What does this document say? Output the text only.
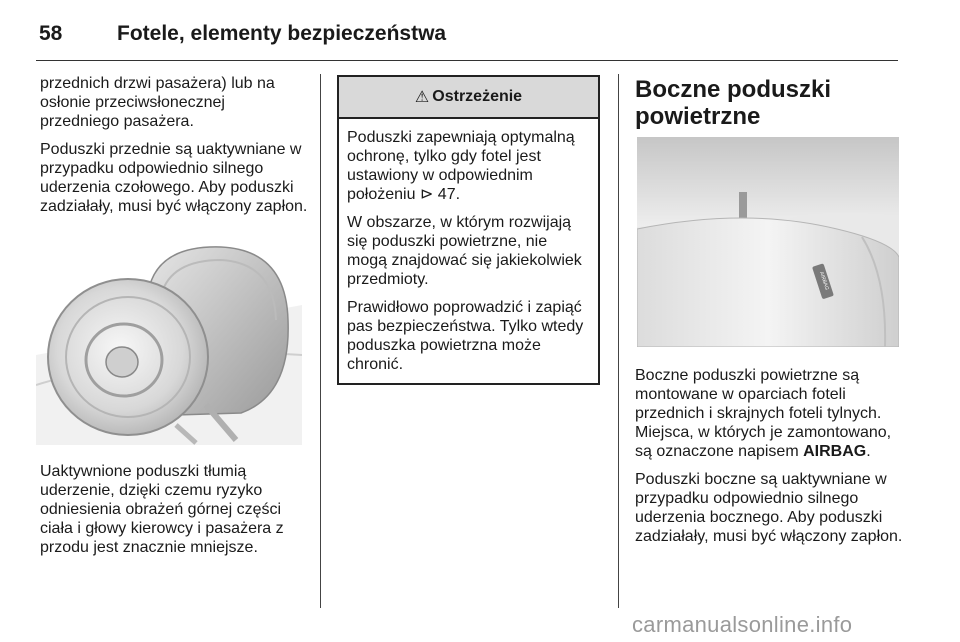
58	Fotele, elementy bezpieczeństwa

przednich drzwi pasażera) lub na osłonie przeciwsłonecznej przedniego pasażera.

Poduszki przednie są uaktywniane w przypadku odpowiednio silnego uderzenia czołowego. Aby poduszki zadziałały, musi być włączony zapłon.

Uaktywnione poduszki tłumią uderzenie, dzięki czemu ryzyko odniesienia obrażeń górnej części ciała i głowy kierowcy i pasażera z przodu jest znacznie mniejsze.

⚠ Ostrzeżenie

Poduszki zapewniają optymalną ochronę, tylko gdy fotel jest ustawiony w odpowiednim
położeniu ⊳ 47.

W obszarze, w którym rozwijają się poduszki powietrzne, nie mogą znajdować się jakiekolwiek przedmioty.

Prawidłowo poprowadzić i zapiąć pas bezpieczeństwa. Tylko wtedy poduszka powietrzna może chronić.

Boczne poduszki powietrzne
AIRBAG

Boczne poduszki powietrzne są montowane w oparciach foteli przednich i skrajnych foteli tylnych. Miejsca, w których je zamontowano, są oznaczone napisem AIRBAG.

Poduszki boczne są uaktywniane w przypadku odpowiednio silnego uderzenia bocznego. Aby poduszki zadziałały, musi być włączony zapłon.

carmanualsonline.info
